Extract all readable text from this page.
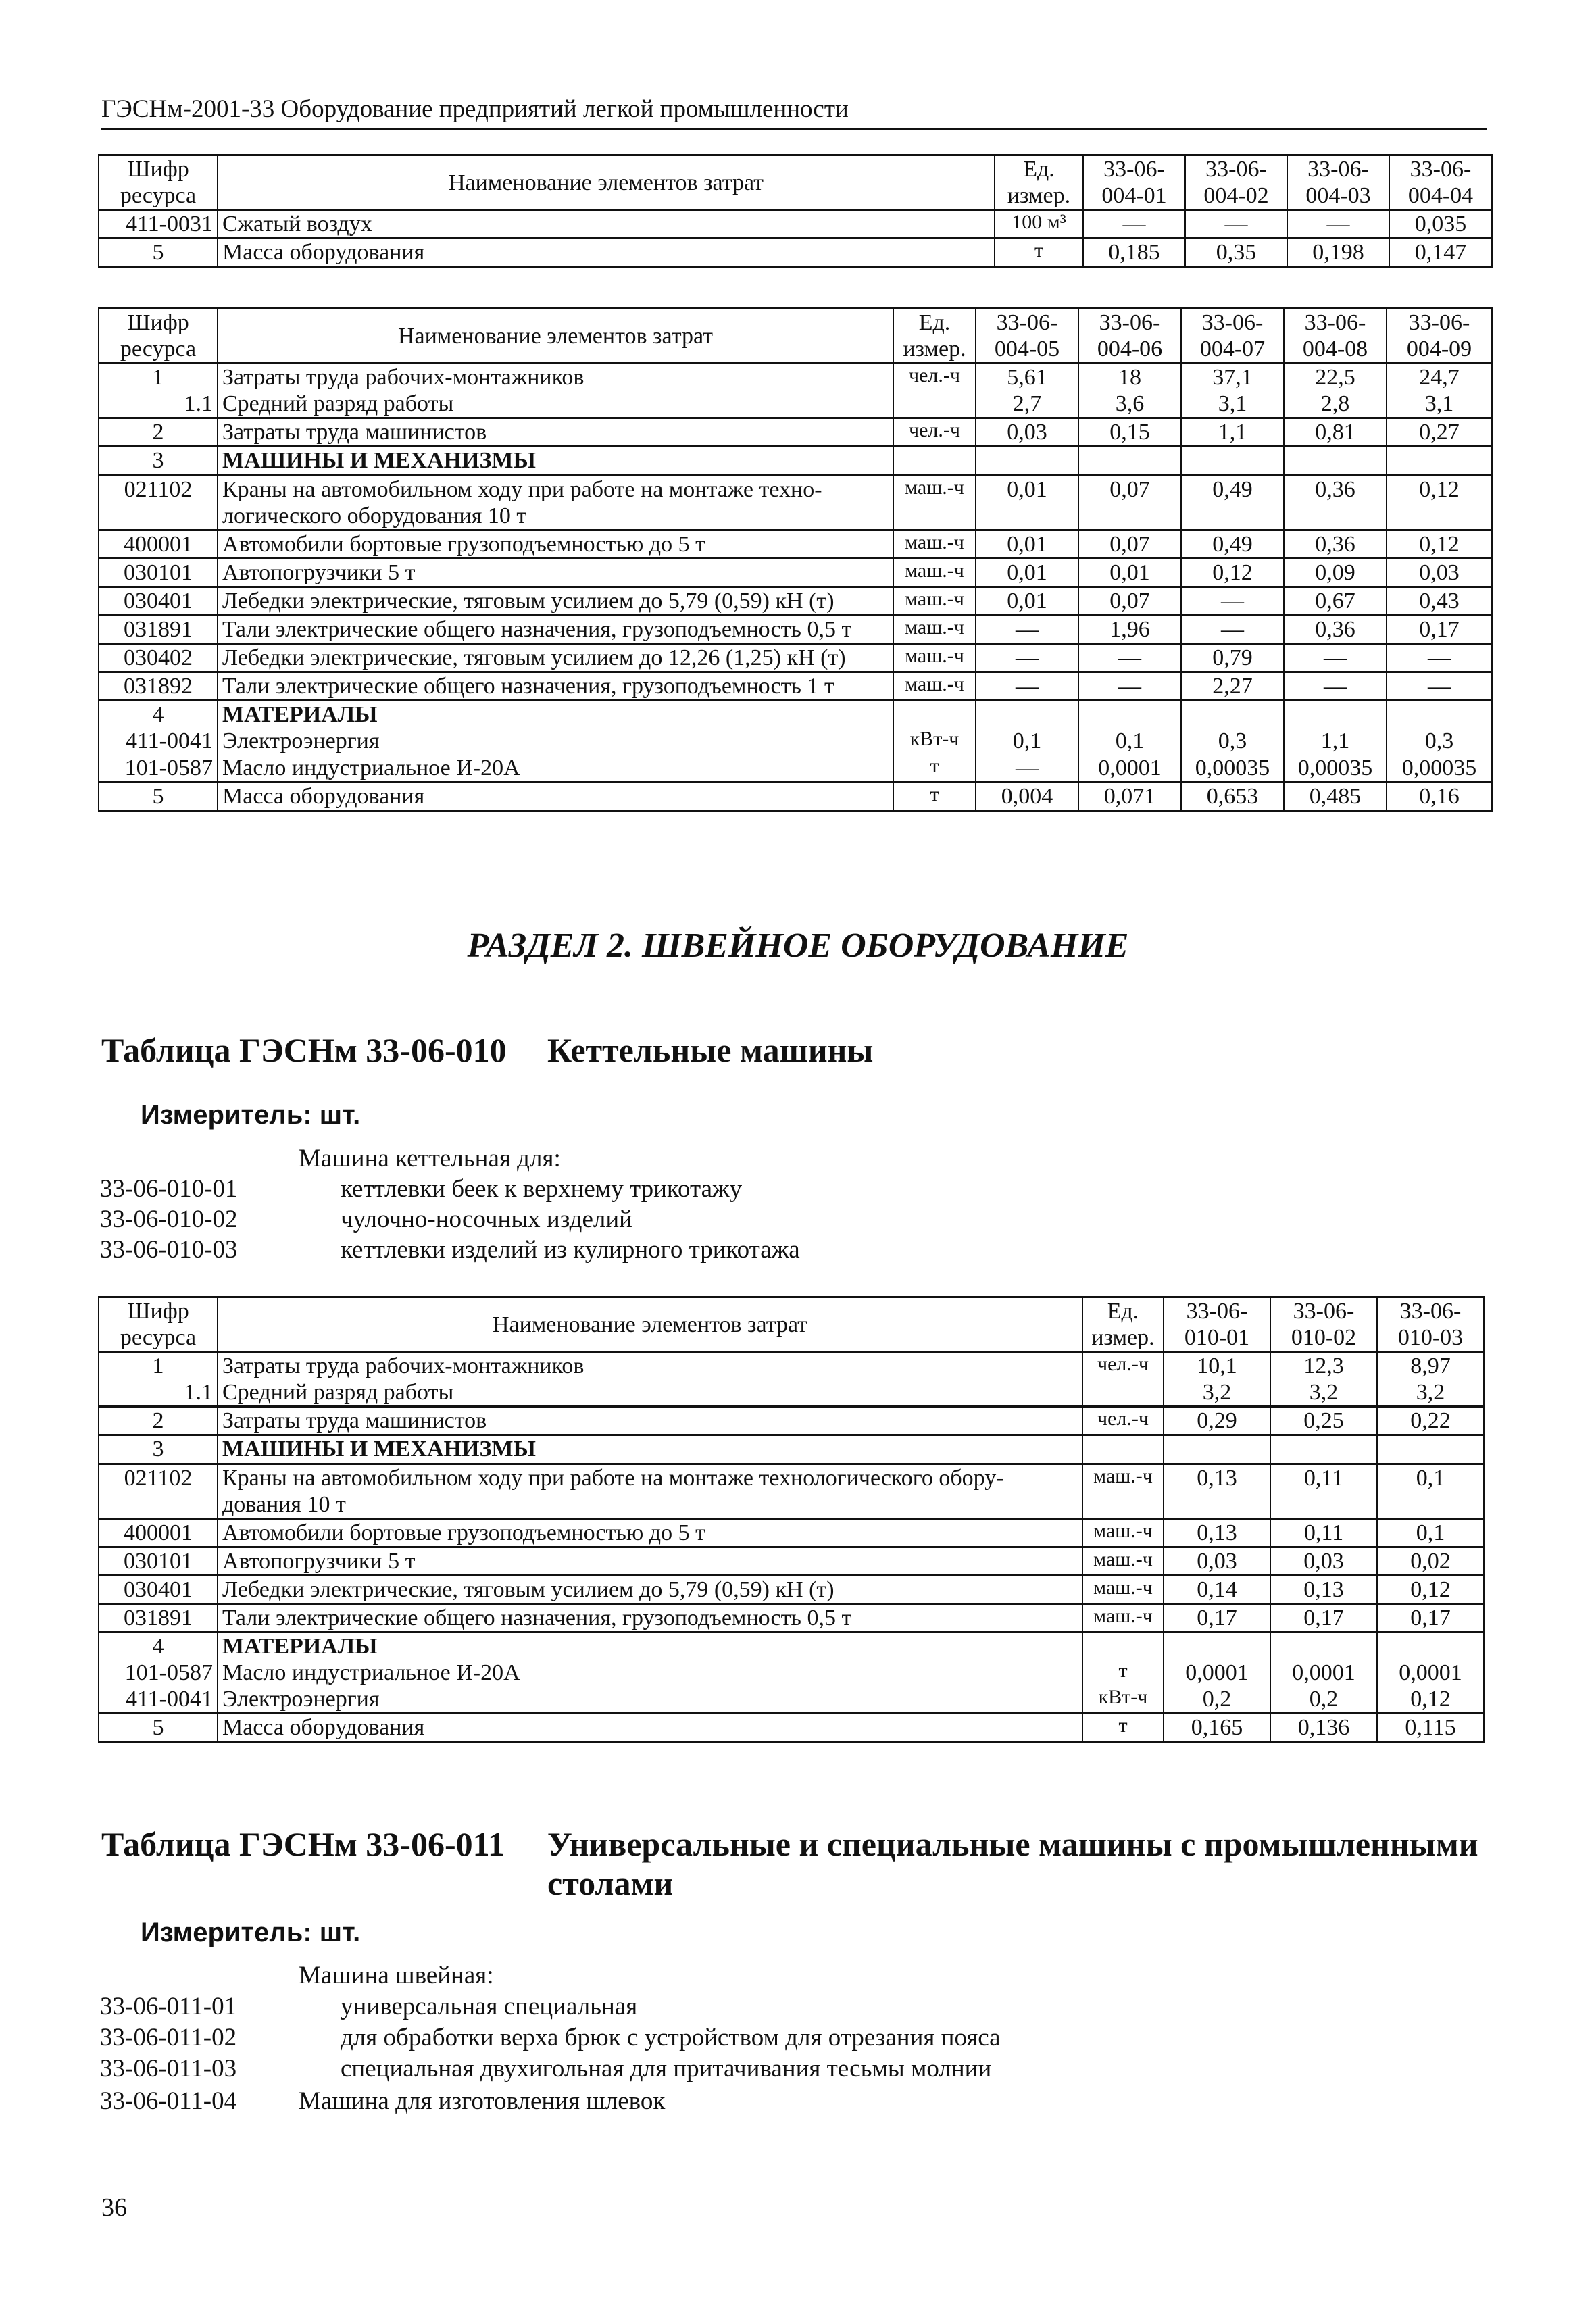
ГЭСНм-2001-33 Оборудование предприятий легкой промышленности
Шифр ресурса	Наименование элементов затрат	Ед. измер.	33-06-004-01	33-06-004-02	33-06-004-03	33-06-004-04
411-0031	Сжатый воздух	100 м³	—	—	—	0,035
5	Масса оборудования	т	0,185	0,35	0,198	0,147
Шифр ресурса	Наименование элементов затрат	Ед. измер.	33-06-004-05	33-06-004-06	33-06-004-07	33-06-004-08	33-06-004-09
1	Затраты труда рабочих-монтажников	чел.-ч	5,61	18	37,1	22,5	24,7
1.1	Средний разряд работы		2,7	3,6	3,1	2,8	3,1
2	Затраты труда машинистов	чел.-ч	0,03	0,15	1,1	0,81	0,27
3	МАШИНЫ И МЕХАНИЗМЫ						
021102	Краны на автомобильном ходу при работе на монтаже техно-логического оборудования 10 т	маш.-ч	0,01	0,07	0,49	0,36	0,12
400001	Автомобили бортовые грузоподъемностью до 5 т	маш.-ч	0,01	0,07	0,49	0,36	0,12
030101	Автопогрузчики 5 т	маш.-ч	0,01	0,01	0,12	0,09	0,03
030401	Лебедки электрические, тяговым усилием до 5,79 (0,59) кН (т)	маш.-ч	0,01	0,07	—	0,67	0,43
031891	Тали электрические общего назначения, грузоподъемность 0,5 т	маш.-ч	—	1,96	—	0,36	0,17
030402	Лебедки электрические, тяговым усилием до 12,26 (1,25) кН (т)	маш.-ч	—	—	0,79	—	—
031892	Тали электрические общего назначения, грузоподъемность 1 т	маш.-ч	—	—	2,27	—	—
4	МАТЕРИАЛЫ						
411-0041	Электроэнергия	кВт-ч	0,1	0,1	0,3	1,1	0,3
101-0587	Масло индустриальное И-20А	т	—	0,0001	0,00035	0,00035	0,00035
5	Масса оборудования	т	0,004	0,071	0,653	0,485	0,16
РАЗДЕЛ 2. ШВЕЙНОЕ ОБОРУДОВАНИЕ
Таблица ГЭСНм 33-06-010 Кеттельные машины
Измеритель: шт.
Машина кеттельная для:
33-06-010-01	кеттлевки беек к верхнему трикотажу
33-06-010-02	чулочно-носочных изделий
33-06-010-03	кеттлевки изделий из кулирного трикотажа
Шифр ресурса	Наименование элементов затрат	Ед. измер.	33-06-010-01	33-06-010-02	33-06-010-03
1	Затраты труда рабочих-монтажников	чел.-ч	10,1	12,3	8,97
1.1	Средний разряд работы		3,2	3,2	3,2
2	Затраты труда машинистов	чел.-ч	0,29	0,25	0,22
3	МАШИНЫ И МЕХАНИЗМЫ				
021102	Краны на автомобильном ходу при работе на монтаже технологического обору-дования 10 т	маш.-ч	0,13	0,11	0,1
400001	Автомобили бортовые грузоподъемностью до 5 т	маш.-ч	0,13	0,11	0,1
030101	Автопогрузчики 5 т	маш.-ч	0,03	0,03	0,02
030401	Лебедки электрические, тяговым усилием до 5,79 (0,59) кН (т)	маш.-ч	0,14	0,13	0,12
031891	Тали электрические общего назначения, грузоподъемность 0,5 т	маш.-ч	0,17	0,17	0,17
4	МАТЕРИАЛЫ				
101-0587	Масло индустриальное И-20А	т	0,0001	0,0001	0,0001
411-0041	Электроэнергия	кВт-ч	0,2	0,2	0,12
5	Масса оборудования	т	0,165	0,136	0,115
Таблица ГЭСНм 33-06-011 Универсальные и специальные машины с промышленными столами
Измеритель: шт.
Машина швейная:
33-06-011-01	универсальная специальная
33-06-011-02	для обработки верха брюк с устройством для отрезания пояса
33-06-011-03	специальная двухигольная для притачивания тесьмы молнии
33-06-011-04 Машина для изготовления шлевок
36
